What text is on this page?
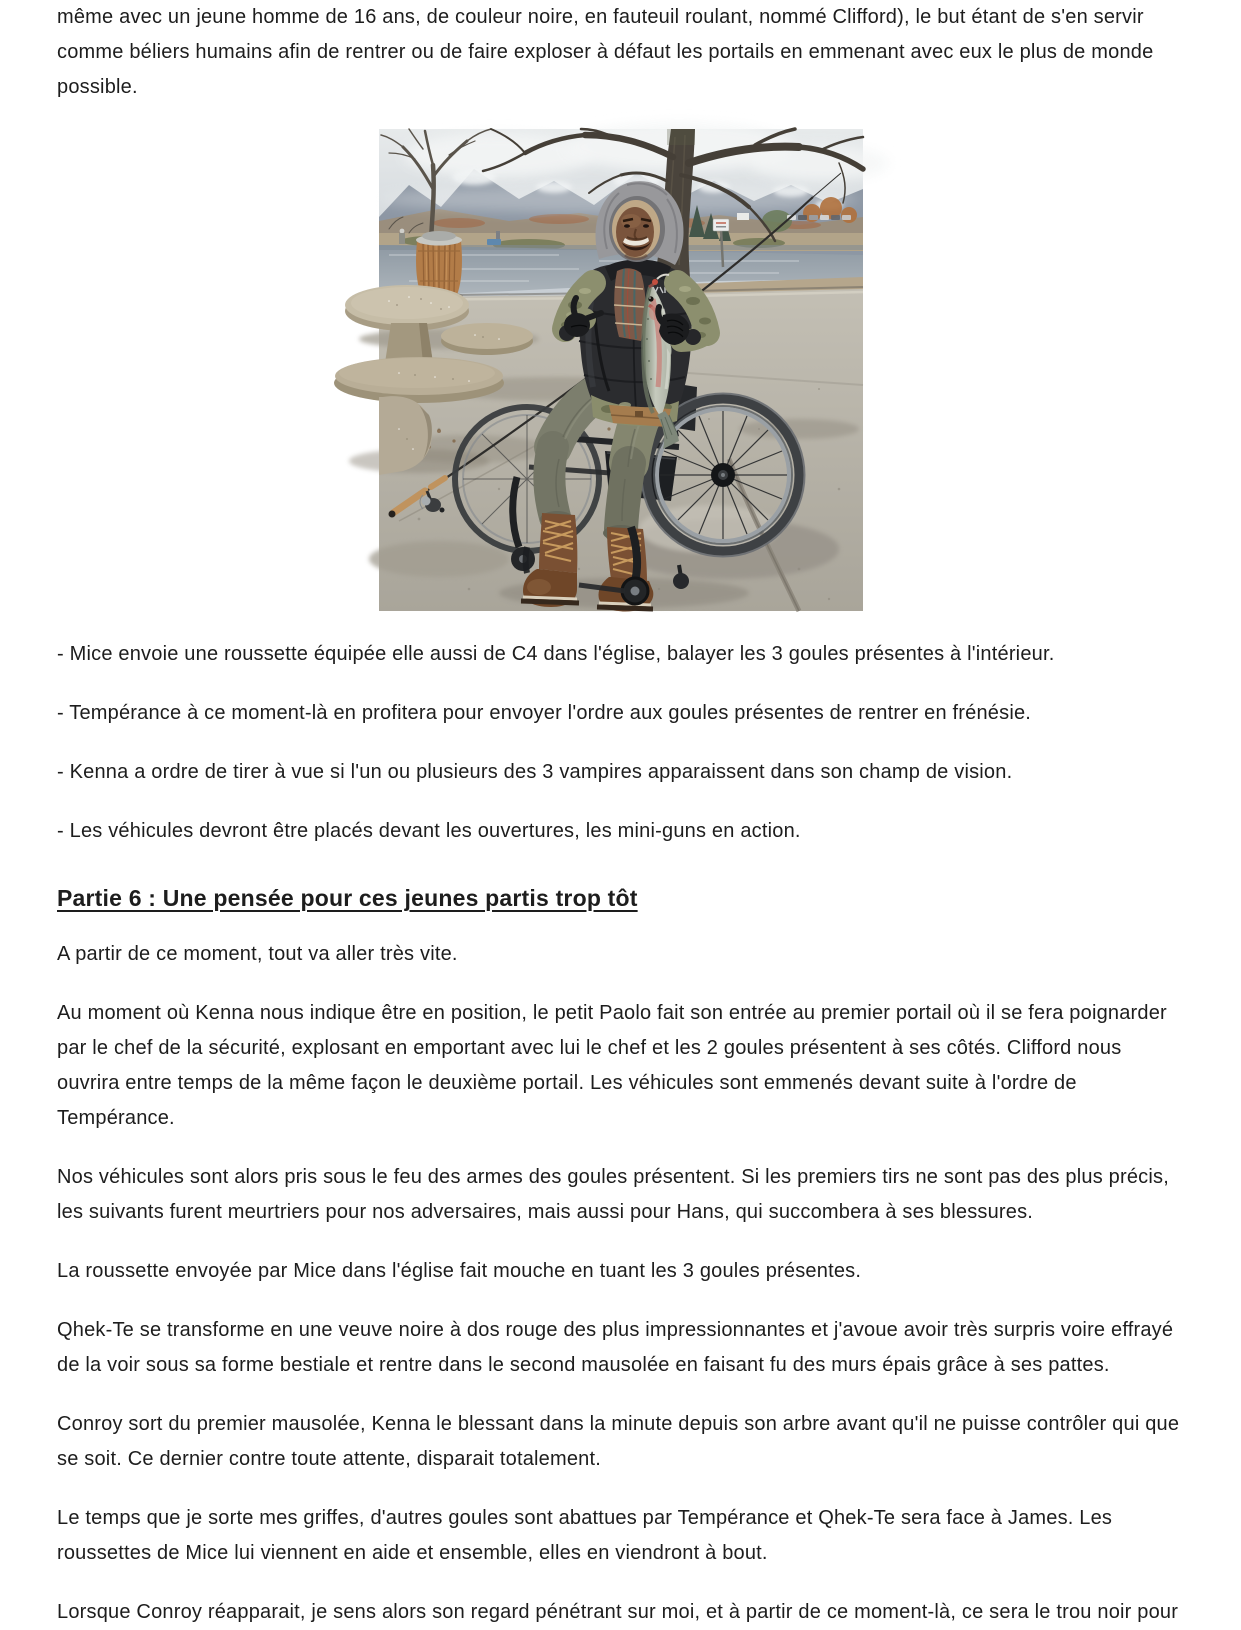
même avec un jeune homme de 16 ans, de couleur noire, en fauteuil roulant, nommé Clifford), le but étant de s'en servir comme béliers humains afin de rentrer ou de faire exploser à défaut les portails en emmenant avec eux le plus de monde possible.

- Mice envoie une roussette équipée elle aussi de C4 dans l'église, balayer les 3 goules présentes à l'intérieur.

- Tempérance à ce moment-là en profitera pour envoyer l'ordre aux goules présentes de rentrer en frénésie.

- Kenna a ordre de tirer à vue si l'un ou plusieurs des 3 vampires apparaissent dans son champ de vision.

- Les véhicules devront être placés devant les ouvertures, les mini-guns en action.

Partie 6 : Une pensée pour ces jeunes partis trop tôt

A partir de ce moment, tout va aller très vite.

Au moment où Kenna nous indique être en position, le petit Paolo fait son entrée au premier portail où il se fera poignarder par le chef de la sécurité, explosant en emportant avec lui le chef et les 2 goules présentent à ses côtés. Clifford nous ouvrira entre temps de la même façon le deuxième portail. Les véhicules sont emmenés devant suite à l'ordre de Tempérance.

Nos véhicules sont alors pris sous le feu des armes des goules présentent. Si les premiers tirs ne sont pas des plus précis, les suivants furent meurtriers pour nos adversaires, mais aussi pour Hans, qui succombera à ses blessures.

La roussette envoyée par Mice dans l'église fait mouche en tuant les 3 goules présentes.

Qhek-Te se transforme en une veuve noire à dos rouge des plus impressionnantes et j'avoue avoir très surpris voire effrayé de la voir sous sa forme bestiale et rentre dans le second mausolée en faisant fu des murs épais grâce à ses pattes.

Conroy sort du premier mausolée, Kenna le blessant dans la minute depuis son arbre avant qu'il ne puisse contrôler qui que se soit. Ce dernier contre toute attente, disparait totalement.

Le temps que je sorte mes griffes, d'autres goules sont abattues par Tempérance et Qhek-Te sera face à James. Les roussettes de Mice lui viennent en aide et ensemble, elles en viendront à bout.

Lorsque Conroy réapparait, je sens alors son regard pénétrant sur moi, et à partir de ce moment-là, ce sera le trou noir pour
